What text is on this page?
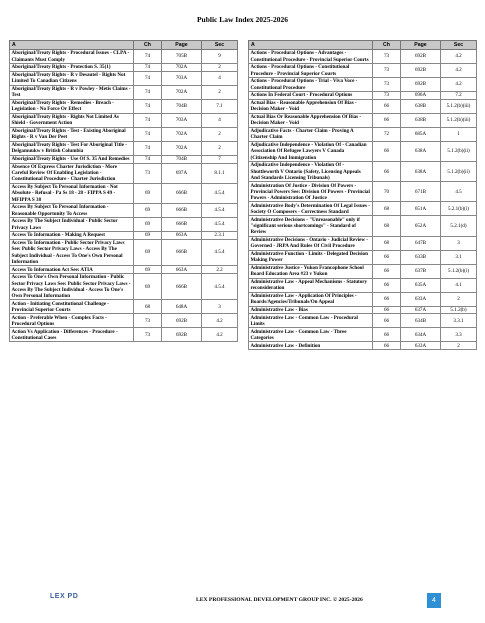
Public Law Index 2025-2026
A	Ch	Page	Sec
Aboriginal/Treaty Rights - Procedural Issues - CLPA - Claimants Must Comply	74	705B	9
Aboriginal/Treaty Rights - Protection S. 35(1)	74	702A	2
Aboriginal/Treaty Rights - R v Desautel - Rights Not Limited To Canadian Citizens	74	703A	4
Aboriginal/Treaty Rights - R v Powley - Metis Claims - Test	74	702A	2
Aboriginal/Treaty Rights - Remedies - Breach - Legislation - No Force Or Effect	74	704B	7.1
Aboriginal/Treaty Rights - Rights Not Limited As Shield - Government Action	74	703A	4
Aboriginal/Treaty Rights - Test - Existing Aboriginal Rights - R v Van Der Peet	74	702A	2
Aboriginal/Treaty Rights - Test For Aboriginal Title - Delgamuukw v British Columbia	74	702A	2
Aboriginal/Treaty Rights - Use Of S. 35 And Remedies	74	704B	7
Absence Of Express Charter Jurisdiction - More Careful Review Of Enabling Legislation - Constitutional Procedure - Charter Jurisdiction	73	697A	8.1.1
Access By Subject To Personal Information - Not Absolute - Refusal - Pa Ss 18 - 28 - FIPPA S 49 - MFIPPA S 38	69	666B	4.5.4
Access By Subject To Personal Information - Reasonable Opportunity To Access	69	666B	4.5.4
Access By The Subject Individual - Public Sector Privacy Laws	69	666B	4.5.4
Access To Information - Making A Request	69	663A	2.3.1
Access To Information - Public Sector Privacy Laws See: Public Sector Privacy Laws - Access By The Subject Individual - Access To One's Own Personal Information	69	666B	4.5.4
Access To Information Act See: ATIA	69	663A	2.2
Access To One's Own Personal Information - Public Sector Privacy Laws See: Public Sector Privacy Laws - Access By The Subject Individual - Access To One's Own Personal Information	69	666B	4.5.4
Action - Initiating Constitutional Challenge - Provincial Superior Courts	68	648A	3
Action - Preferable When - Complex Facts - Procedural Options	73	692B	4.2
Action Vs Application - Differences - Procedure - Constitutional Cases	73	692B	4.2
A	Ch	Page	Sec
Actions - Procedural Options - Advantages - Constitutional Procedure - Provincial Superior Courts	73	692B	4.2
Actions - Procedural Options - Constitutional Procedure - Provincial Superior Courts	73	692B	4.2
Actions - Procedural Options - Trial - Viva Voce - Constitutional Procedure	73	692B	4.2
Actions In Federal Court - Procedural Options	73	696A	7.2
Actual Bias - Reasonable Apprehension Of Bias - Decision Maker - Void	66	638B	5.1.2(b)(iii)
Actual Bias Or Reasonable Apprehension Of Bias - Decision Maker - Void	66	638B	5.1.2(b)(iii)
Adjudicative Facts - Charter Claim - Proving A Charter Claim	72	685A	1
Adjudicative Independence - Violation Of - Canadian Association Of Refugee Lawyers V Canada (Citizenship And Immigration	66	638A	5.1.2(b)(ii)
Adjudicative Independence - Violation Of - Shuttleworth V Ontario (Safety, Licensing Appeals And Standards Licensing Tribunals)	66	638A	5.1.2(b)(ii)
Administration Of Justice - Division Of Powers - Provincial Powers See: Division Of Powers - Provincial Powers - Administration Of Justice	70	671B	4.5
Administrative Body's Determination Of Legal Issues - Society O Composers - Correctness Standard	68	651A	5.2.1(b)(i)
Administrative Decisions - "Unreasonable" only if "significant serious shortcomings" - Standard of Review	68	652A	5.2.1(d)
Administrative Decisions - Ontario - Judicial Review - Governed - JRPA And Rules Of Civil Procedure	68	647B	3
Administrative Function - Limits - Delegated Decision Making Power	66	633B	3.1
Administrative Justice - Yukon Francophone School Board Education Area #23 v Yukon	66	637B	5.1.2(b)(i)
Administrative Law - Appeal Mechanisms - Statutory reconsideration	66	635A	4.1
Administrative Law - Application Of Principles - Boards/Agencies/Tribunals/On Appeal	66	633A	2
Administrative Law - Bias	66	637A	5.1.2(b)
Administrative Law - Common Law - Procedural Limits	66	634B	3.3.1
Administrative Law - Common Law - Three Categories	66	634A	3.3
Administrative Law - Definition	66	633A	2
LEX PD	LEX PROFESSIONAL DEVELOPMENT GROUP INC. © 2025-2026	4
